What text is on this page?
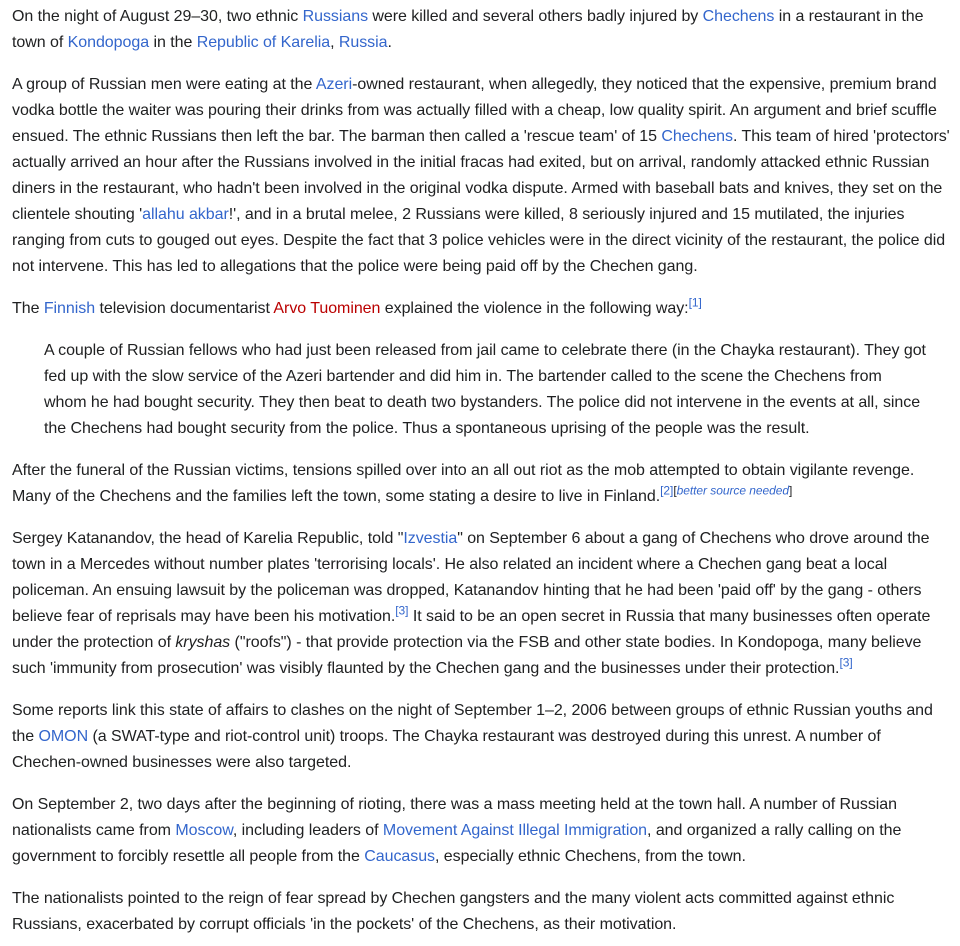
On the night of August 29–30, two ethnic Russians were killed and several others badly injured by Chechens in a restaurant in the town of Kondopoga in the Republic of Karelia, Russia.

A group of Russian men were eating at the Azeri-owned restaurant, when allegedly, they noticed that the expensive, premium brand vodka bottle the waiter was pouring their drinks from was actually filled with a cheap, low quality spirit. An argument and brief scuffle ensued. The ethnic Russians then left the bar. The barman then called a 'rescue team' of 15 Chechens. This team of hired 'protectors' actually arrived an hour after the Russians involved in the initial fracas had exited, but on arrival, randomly attacked ethnic Russian diners in the restaurant, who hadn't been involved in the original vodka dispute. Armed with baseball bats and knives, they set on the clientele shouting 'allahu akbar!', and in a brutal melee, 2 Russians were killed, 8 seriously injured and 15 mutilated, the injuries ranging from cuts to gouged out eyes. Despite the fact that 3 police vehicles were in the direct vicinity of the restaurant, the police did not intervene. This has led to allegations that the police were being paid off by the Chechen gang.

The Finnish television documentarist Arvo Tuominen explained the violence in the following way:[1]

A couple of Russian fellows who had just been released from jail came to celebrate there (in the Chayka restaurant). They got fed up with the slow service of the Azeri bartender and did him in. The bartender called to the scene the Chechens from whom he had bought security. They then beat to death two bystanders. The police did not intervene in the events at all, since the Chechens had bought security from the police. Thus a spontaneous uprising of the people was the result.

After the funeral of the Russian victims, tensions spilled over into an all out riot as the mob attempted to obtain vigilante revenge. Many of the Chechens and the families left the town, some stating a desire to live in Finland.[2][better source needed]

Sergey Katanandov, the head of Karelia Republic, told "Izvestia" on September 6 about a gang of Chechens who drove around the town in a Mercedes without number plates 'terrorising locals'. He also related an incident where a Chechen gang beat a local policeman. An ensuing lawsuit by the policeman was dropped, Katanandov hinting that he had been 'paid off' by the gang - others believe fear of reprisals may have been his motivation.[3] It said to be an open secret in Russia that many businesses often operate under the protection of kryshas ("roofs") - that provide protection via the FSB and other state bodies. In Kondopoga, many believe such 'immunity from prosecution' was visibly flaunted by the Chechen gang and the businesses under their protection.[3]

Some reports link this state of affairs to clashes on the night of September 1–2, 2006 between groups of ethnic Russian youths and the OMON (a SWAT-type and riot-control unit) troops. The Chayka restaurant was destroyed during this unrest. A number of Chechen-owned businesses were also targeted.

On September 2, two days after the beginning of rioting, there was a mass meeting held at the town hall. A number of Russian nationalists came from Moscow, including leaders of Movement Against Illegal Immigration, and organized a rally calling on the government to forcibly resettle all people from the Caucasus, especially ethnic Chechens, from the town.

The nationalists pointed to the reign of fear spread by Chechen gangsters and the many violent acts committed against ethnic Russians, exacerbated by corrupt officials 'in the pockets' of the Chechens, as their motivation.
